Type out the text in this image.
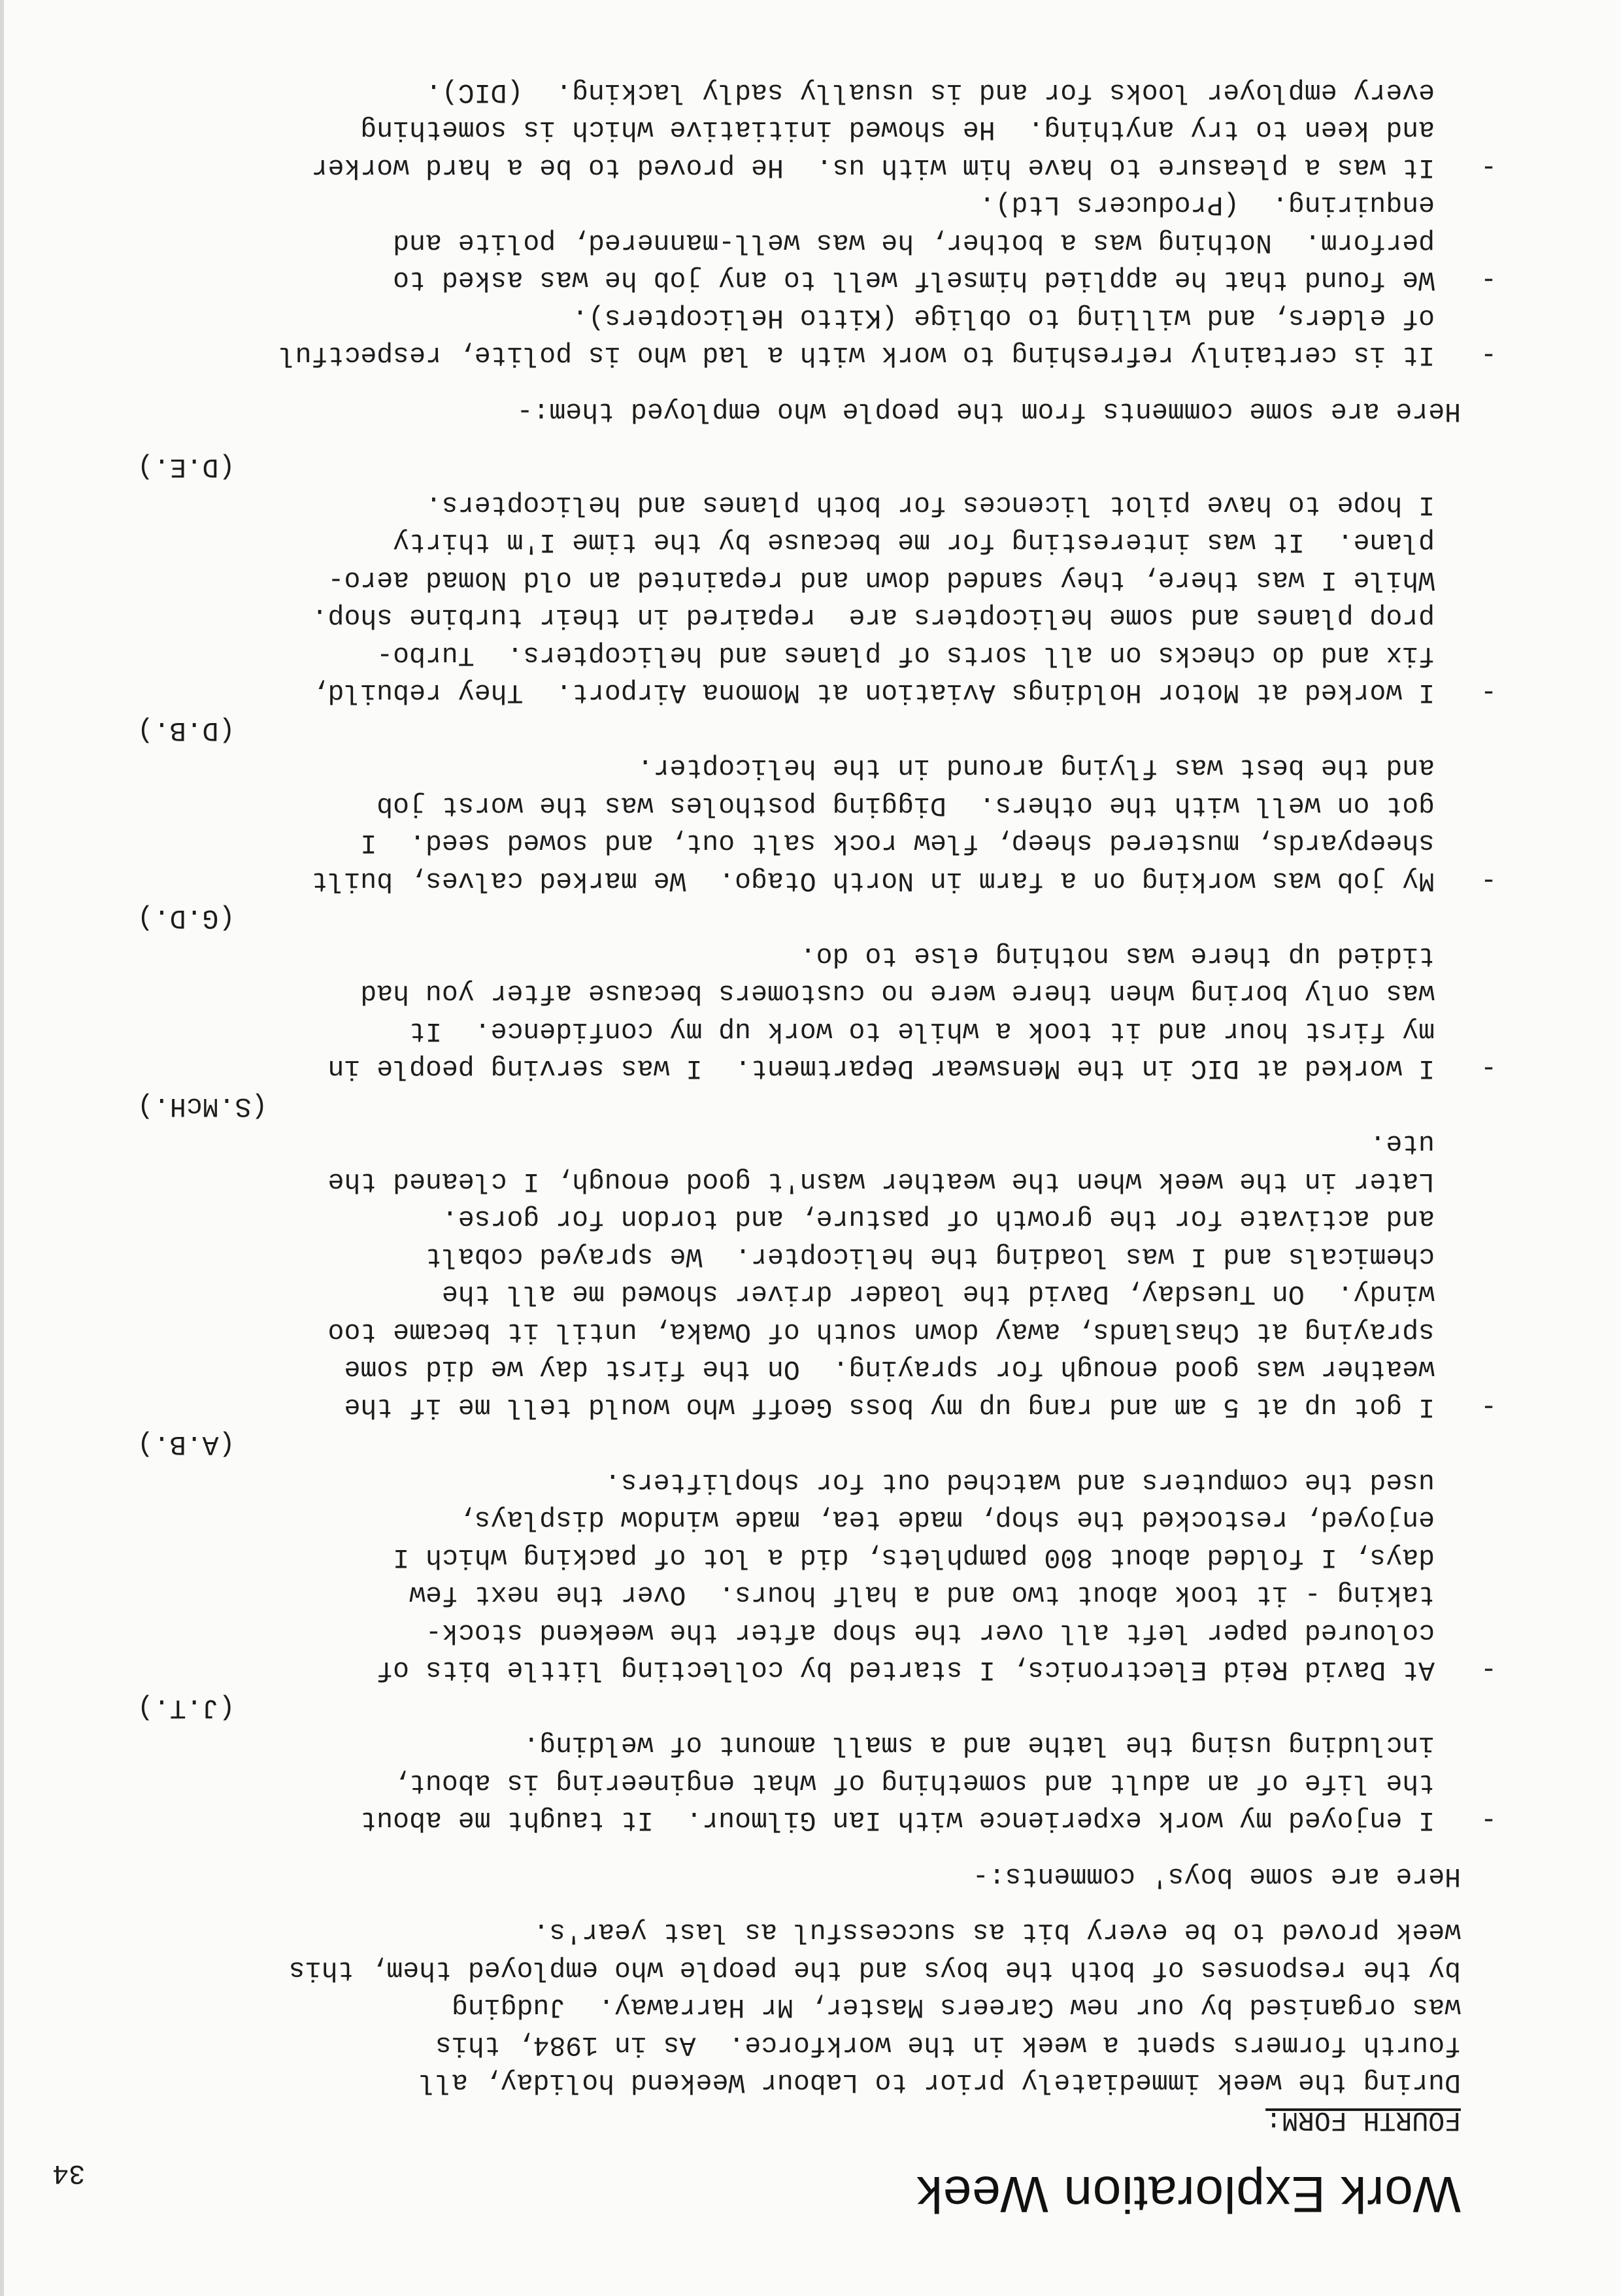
Work Exploration Week
FOURTH FORM:
During the week immediately prior to Labour Weekend holiday, all
fourth formers spent a week in the workforce.  As in 1984, this
was organised by our new Careers Master, Mr Harraway.  Judging
by the responses of both the boys and the people who employed them, this
week proved to be every bit as successful as last year's.
Here are some boys' comments:-
-
I enjoyed my work experience with Ian Gilmour.  It taught me about
the life of an adult and something of what engineering is about,
including using the lathe and a small amount of welding.
(J.T.)
-
At David Reid Electronics, I started by collecting little bits of
coloured paper left all over the shop after the weekend stock-
taking - it took about two and a half hours.  Over the next few
days, I folded about 800 pamphlets, did a lot of packing which I
enjoyed, restocked the shop, made tea, made window displays,
used the computers and watched out for shoplifters.
(A.B.)
-
I got up at 5 am and rang up my boss Geoff who would tell me if the
weather was good enough for spraying.  On the first day we did some
spraying at Chaslands, away down south of Owaka, until it became too
windy.  On Tuesday, David the loader driver showed me all the
chemicals and I was loading the helicopter.  We sprayed cobalt
and activate for the growth of pasture, and tordon for gorse.
Later in the week when the weather wasn't good enough, I cleaned the
ute.
(S.McH.)
-
I worked at DIC in the Menswear Department.  I was serving people in
my first hour and it took a while to work up my confidence.  It
was only boring when there were no customers because after you had
tidied up there was nothing else to do.
(G.D.)
-
My job was working on a farm in North Otago.  We marked calves, built
sheepyards, mustered sheep, flew rock salt out, and sowed seed.  I
got on well with the others.  Digging postholes was the worst job
and the best was flying around in the helicopter.
(D.B.)
-
I worked at Motor Holdings Aviation at Momona Airport.  They rebuild,
fix and do checks on all sorts of planes and helicopters.  Turbo-
prop planes and some helicopters are  repaired in their turbine shop.
While I was there, they sanded down and repainted an old Nomad aero-
plane.  It was interesting for me because by the time I'm thirty
I hope to have pilot licences for both planes and helicopters.
(D.E.)
Here are some comments from the people who employed them:-
-
It is certainly refreshing to work with a lad who is polite, respectful
of elders, and willing to oblige (Kitto Helicopters).
-
We found that he applied himself well to any job he was asked to
perform.  Nothing was a bother, he was well-mannered, polite and
enquiring.  (Producers Ltd).
-
It was a pleasure to have him with us.  He proved to be a hard worker
and keen to try anything.  He showed initiative which is something
every employer looks for and is usually sadly lacking.  (DIC).
34
